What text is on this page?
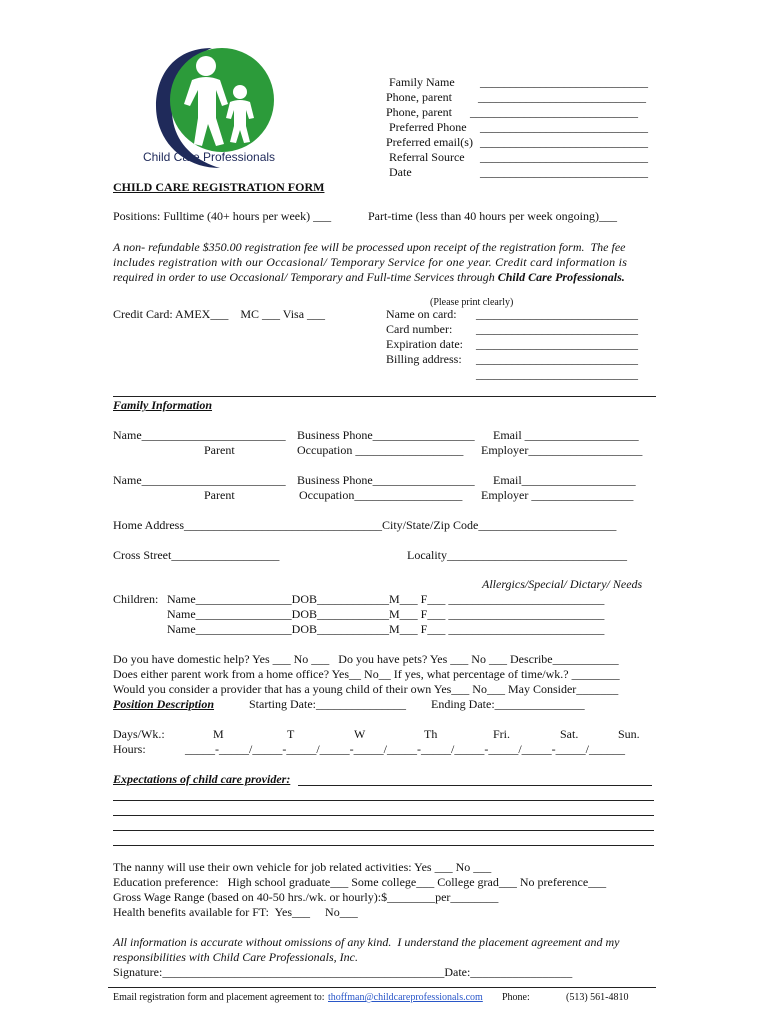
Child Care Professionals
Family Name ____________________________
Phone, parent ____________________________
Phone, parent ____________________________
Preferred Phone ____________________________
Preferred email(s) ____________________________
Referral Source ____________________________
Date	____________________________
CHILD CARE REGISTRATION FORM
Positions: Fulltime (40+ hours per week) ___	Part-time (less than 40 hours per week ongoing)___
A non- refundable $350.00 registration fee will be processed upon receipt of the registration form.  The fee
includes registration with our Occasional/ Temporary Service for one year. Credit card information is
required in order to use Occasional/ Temporary and Full-time Services through Child Care Professionals.
(Please print clearly)
Credit Card: AMEX___    MC ___ Visa ___	Name on card: ___________________________
Card number: ___________________________
Expiration date: ___________________________
Billing address: ___________________________
___________________________
Family Information
Name________________________ Business Phone_________________ Email ___________________
Parent	Occupation __________________ Employer___________________
Name________________________ Business Phone_________________ Email___________________
Parent	Occupation__________________ Employer _________________
Home Address_________________________________City/State/Zip Code_______________________
Cross Street__________________	Locality______________________________
Allergics/Special/ Dictary/ Needs
Children: Name________________DOB____________M___ F___ __________________________
Name________________DOB____________M___ F___ __________________________
Name________________DOB____________M___ F___ __________________________
Do you have domestic help? Yes ___ No ___   Do you have pets? Yes ___ No ___ Describe___________
Does either parent work from a home office? Yes__ No__ If yes, what percentage of time/wk.? ________
Would you consider a provider that has a young child of their own Yes___ No___ May Consider_______
Position Description	Starting Date:_______________ Ending Date:_______________
Days/Wk.:	M	T	W	Th	Fri.	Sat.	Sun.
Hours:	_____-_____/_____-_____/_____-_____/_____-_____/_____-_____/_____-_____/______
Expectations of child care provider:
The nanny will use their own vehicle for job related activities: Yes ___ No ___
Education preference:   High school graduate___ Some college___ College grad___ No preference___
Gross Wage Range (based on 40-50 hrs./wk. or hourly):$________per________
Health benefits available for FT:  Yes___     No___
All information is accurate without omissions of any kind.  I understand the placement agreement and my
responsibilities with Child Care Professionals, Inc.
Signature:_______________________________________________Date:_________________
Email registration form and placement agreement to: thoffman@childcareprofessionals.com Phone:	(513) 561-4810
